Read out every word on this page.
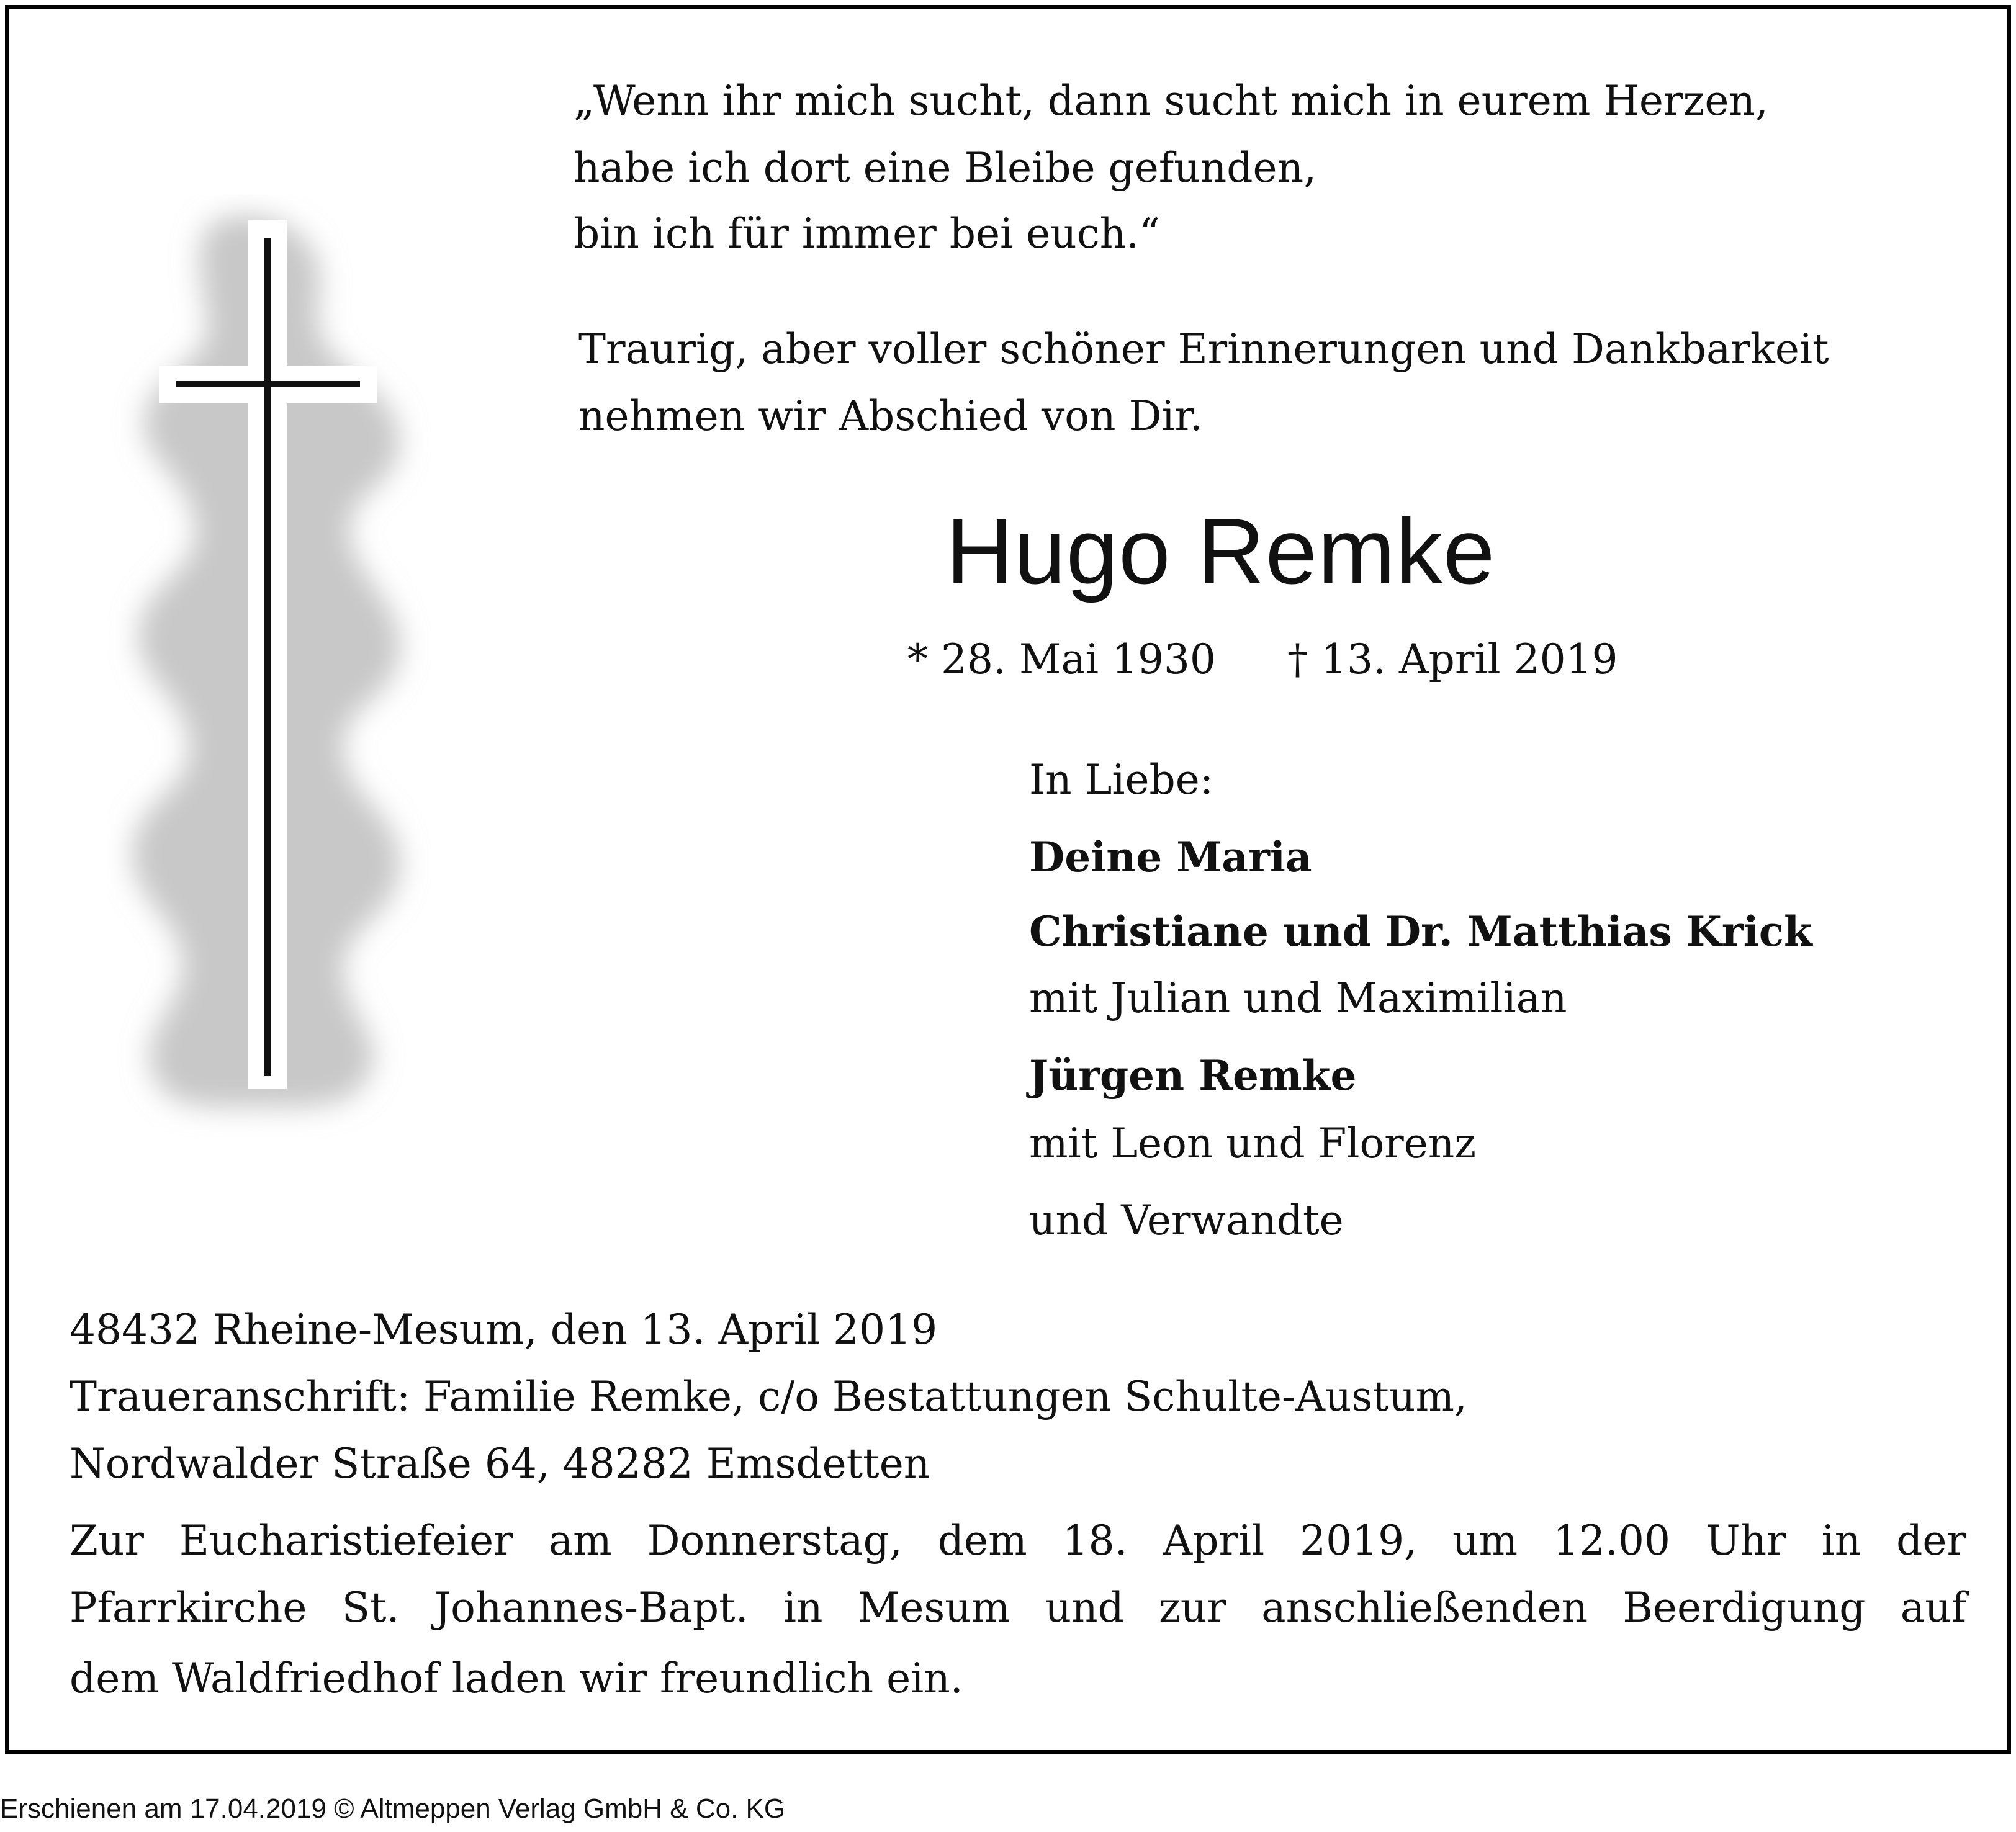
„Wenn ihr mich sucht, dann sucht mich in eurem Herzen,
habe ich dort eine Bleibe gefunden,
bin ich für immer bei euch.“
Traurig, aber voller schöner Erinnerungen und Dankbarkeit
nehmen wir Abschied von Dir.
Hugo Remke
* 28. Mai 1930 † 13. April 2019
In Liebe:
Deine Maria
Christiane und Dr. Matthias Krick
mit Julian und Maximilian
Jürgen Remke
mit Leon und Florenz
und Verwandte
48432 Rheine-Mesum, den 13. April 2019
Traueranschrift: Familie Remke, c/o Bestattungen Schulte-Austum,
Nordwalder Straße 64, 48282 Emsdetten
Zur Eucharistiefeier am Donnerstag, dem 18. April 2019, um 12.00 Uhr in der
Pfarrkirche St. Johannes-Bapt. in Mesum und zur anschließenden Beerdigung auf
dem Waldfriedhof laden wir freundlich ein.
Erschienen am 17.04.2019 © Altmeppen Verlag GmbH & Co. KG
